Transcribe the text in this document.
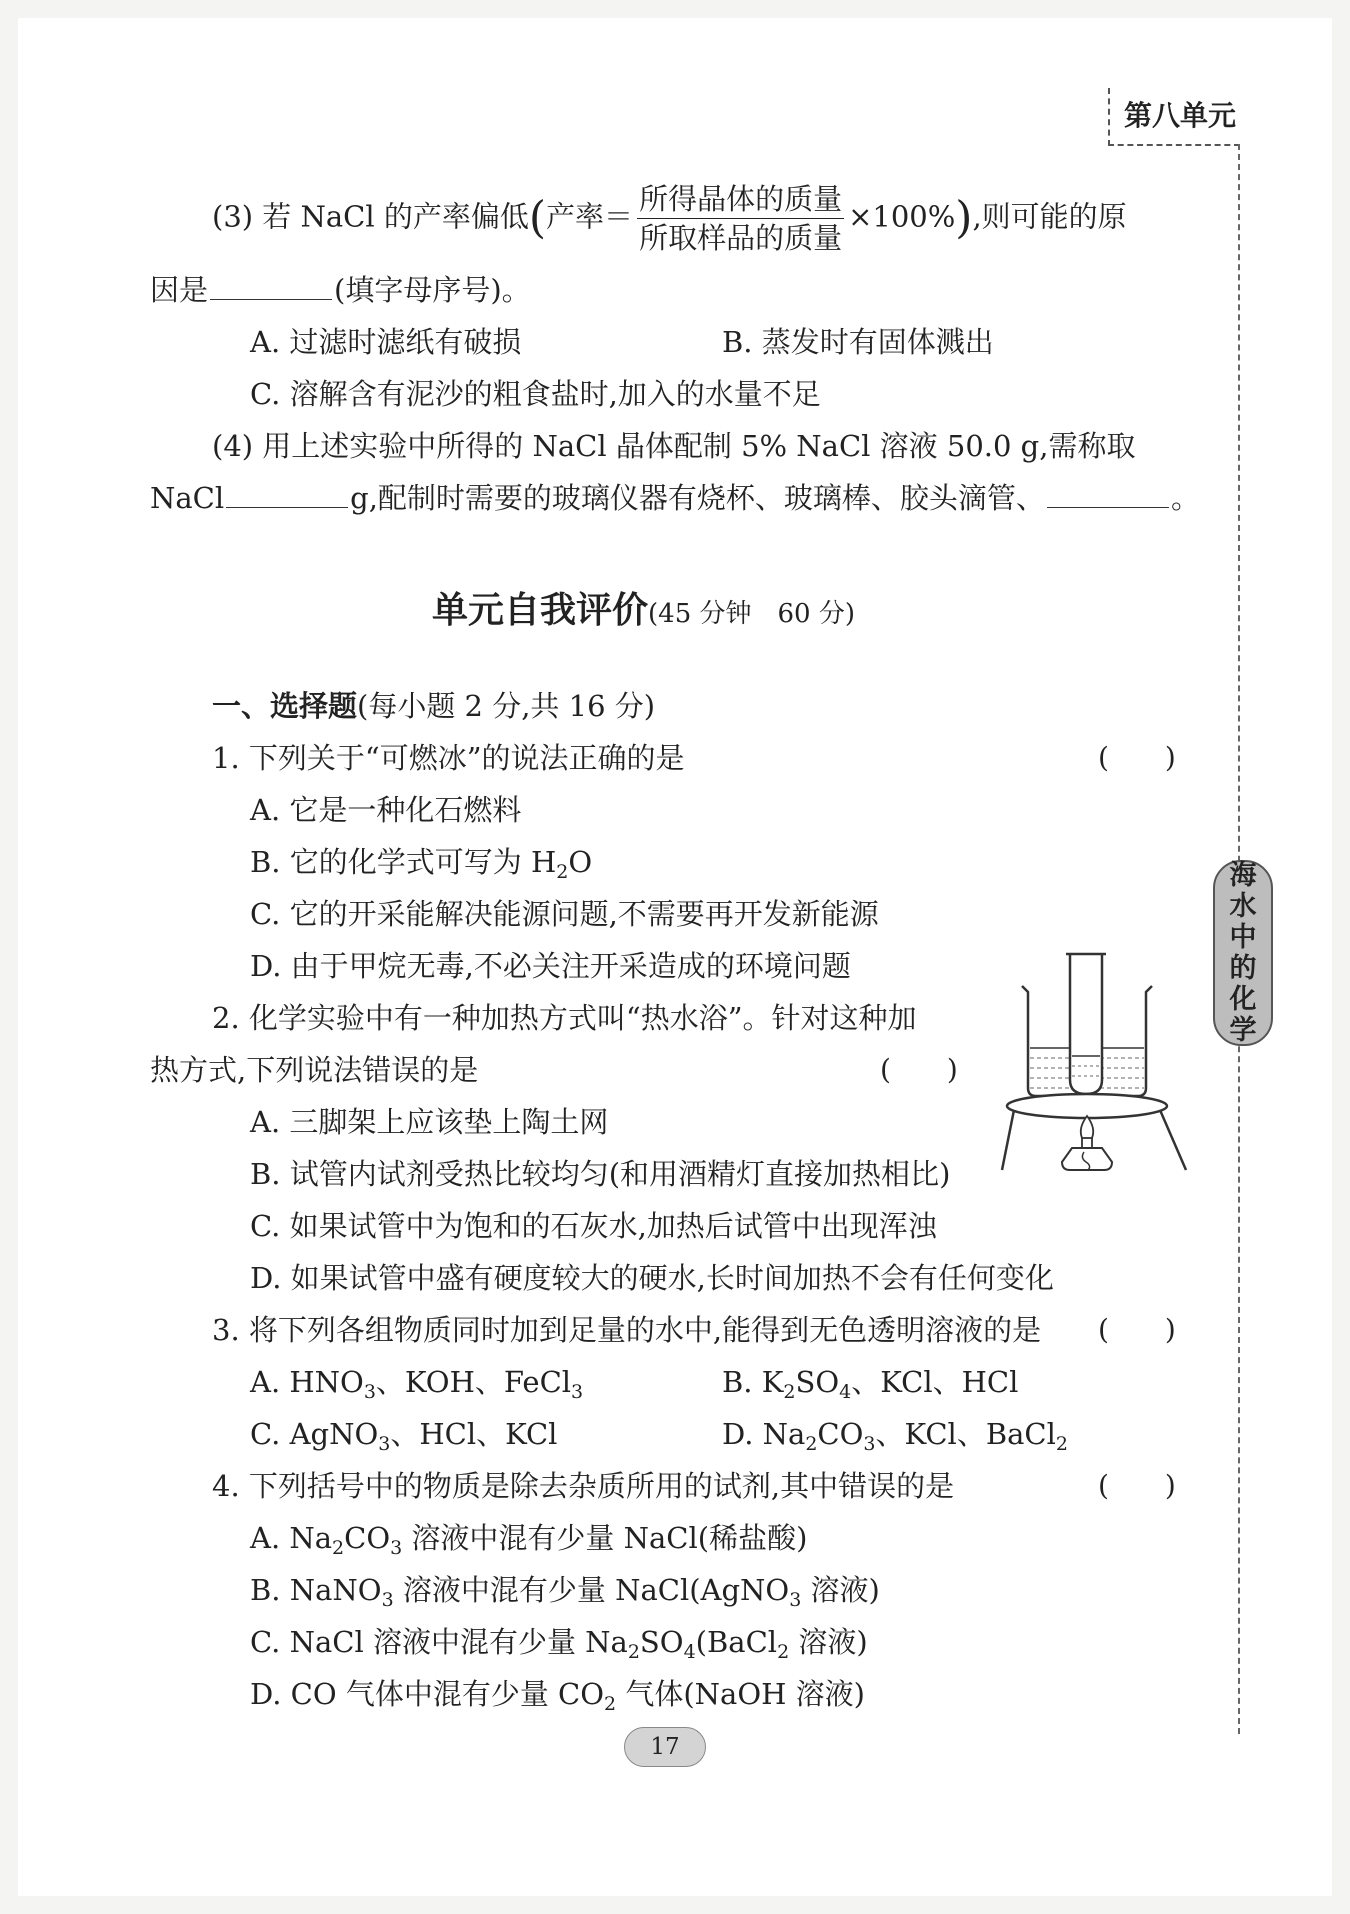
第八单元
海
水
中
的
化
学
(3) 若 NaCl 的产率偏低(产率＝ $\frac{\text{所得晶体的质量}}{\text{所取样品的质量}} \times 100\%$),则可能的原
因是	(填字母序号)。
A. 过滤时滤纸有破损	B. 蒸发时有固体溅出
C. 溶解含有泥沙的粗食盐时,加入的水量不足
(4) 用上述实验中所得的 NaCl 晶体配制 5% NaCl 溶液 50.0 g,需称取
NaCl	g,配制时需要的玻璃仪器有烧杯、玻璃棒、胶头滴管、	。
单元自我评价(45 分钟　60 分)
一、选择题(每小题 2 分,共 16 分)
1. 下列关于“可燃冰”的说法正确的是	(　　)
A. 它是一种化石燃料
B. 它的化学式可写为 $H_2O$
C. 它的开采能解决能源问题,不需要再开发新能源
D. 由于甲烷无毒,不必关注开采造成的环境问题
2. 化学实验中有一种加热方式叫“热水浴”。针对这种加
热方式,下列说法错误的是	(　　)
A. 三脚架上应该垫上陶土网
B. 试管内试剂受热比较均匀(和用酒精灯直接加热相比)
C. 如果试管中为饱和的石灰水,加热后试管中出现浑浊
D. 如果试管中盛有硬度较大的硬水,长时间加热不会有任何变化
3. 将下列各组物质同时加到足量的水中,能得到无色透明溶液的是 (　　)
A. $HNO_3$、KOH、FeCl$_3$	B. $K_2SO_4$、KCl、HCl
C. AgNO$_3$、HCl、KCl	D. $Na_2CO_3$、KCl、BaCl$_2$
4. 下列括号中的物质是除去杂质所用的试剂,其中错误的是	(　　)
A. $Na_2CO_3$ 溶液中混有少量 NaCl(稀盐酸)
B. NaNO$_3$ 溶液中混有少量 NaCl(AgNO$_3$ 溶液)
C. NaCl 溶液中混有少量 $Na_2SO_4(BaCl_2$ 溶液)
D. CO 气体中混有少量 $CO_2$ 气体(NaOH 溶液)
17
